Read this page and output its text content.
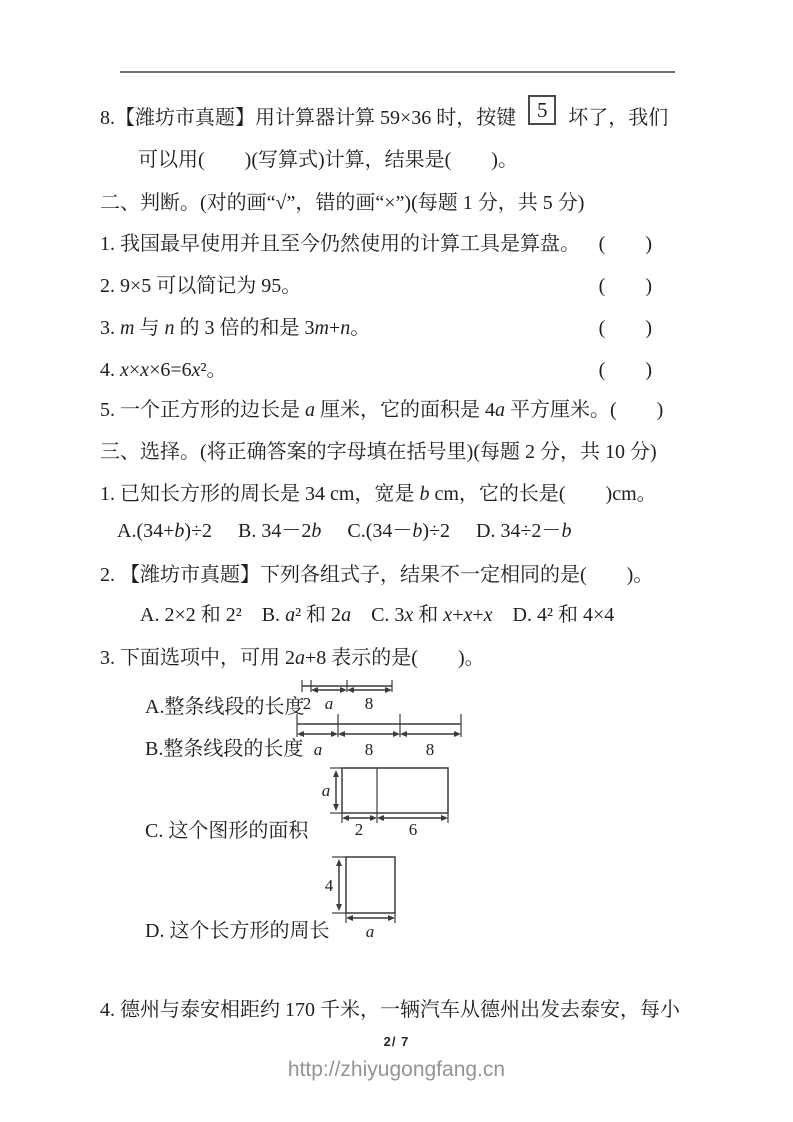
8.【潍坊市真题】用计算器计算 59×36 时，按键 5 坏了，我们
可以用(　　)(写算式)计算，结果是(　　)。
二、判断。(对的画“√”，错的画“×”)(每题 1 分，共 5 分)
1. 我国最早使用并且至今仍然使用的计算工具是算盘。 (　　)
2. 9×5 可以简记为 95。	(　　)
3. m 与 n 的 3 倍的和是 3m+n。	(　　)
4. x×x×6=6x²。	(　　)
5. 一个正方形的边长是 a 厘米，它的面积是 4a 平方厘米。 (　　)
三、选择。(将正确答案的字母填在括号里)(每题 2 分，共 10 分)
1. 已知长方形的周长是 34 cm，宽是 b cm，它的长是(　　)cm。
A.(34+b)÷2 B. 34－2b C.(34－b)÷2 D. 34÷2－b
2. 【潍坊市真题】下列各组式子，结果不一定相同的是(　　)。
A. 2×2 和 2² B. a² 和 2a C. 3x 和 x+x+x D. 4² 和 4×4
3. 下面选项中，可用 2a+8 表示的是(　　)。
A.整条线段的长度
2 a 8
B.整条线段的长度 a	8	8
C. 这个图形的面积
a
2	6
D. 这个长方形的周长
4
a
4. 德州与泰安相距约 170 千米，一辆汽车从德州出发去泰安，每小
2/ 7
http://zhiyugongfang.cn
